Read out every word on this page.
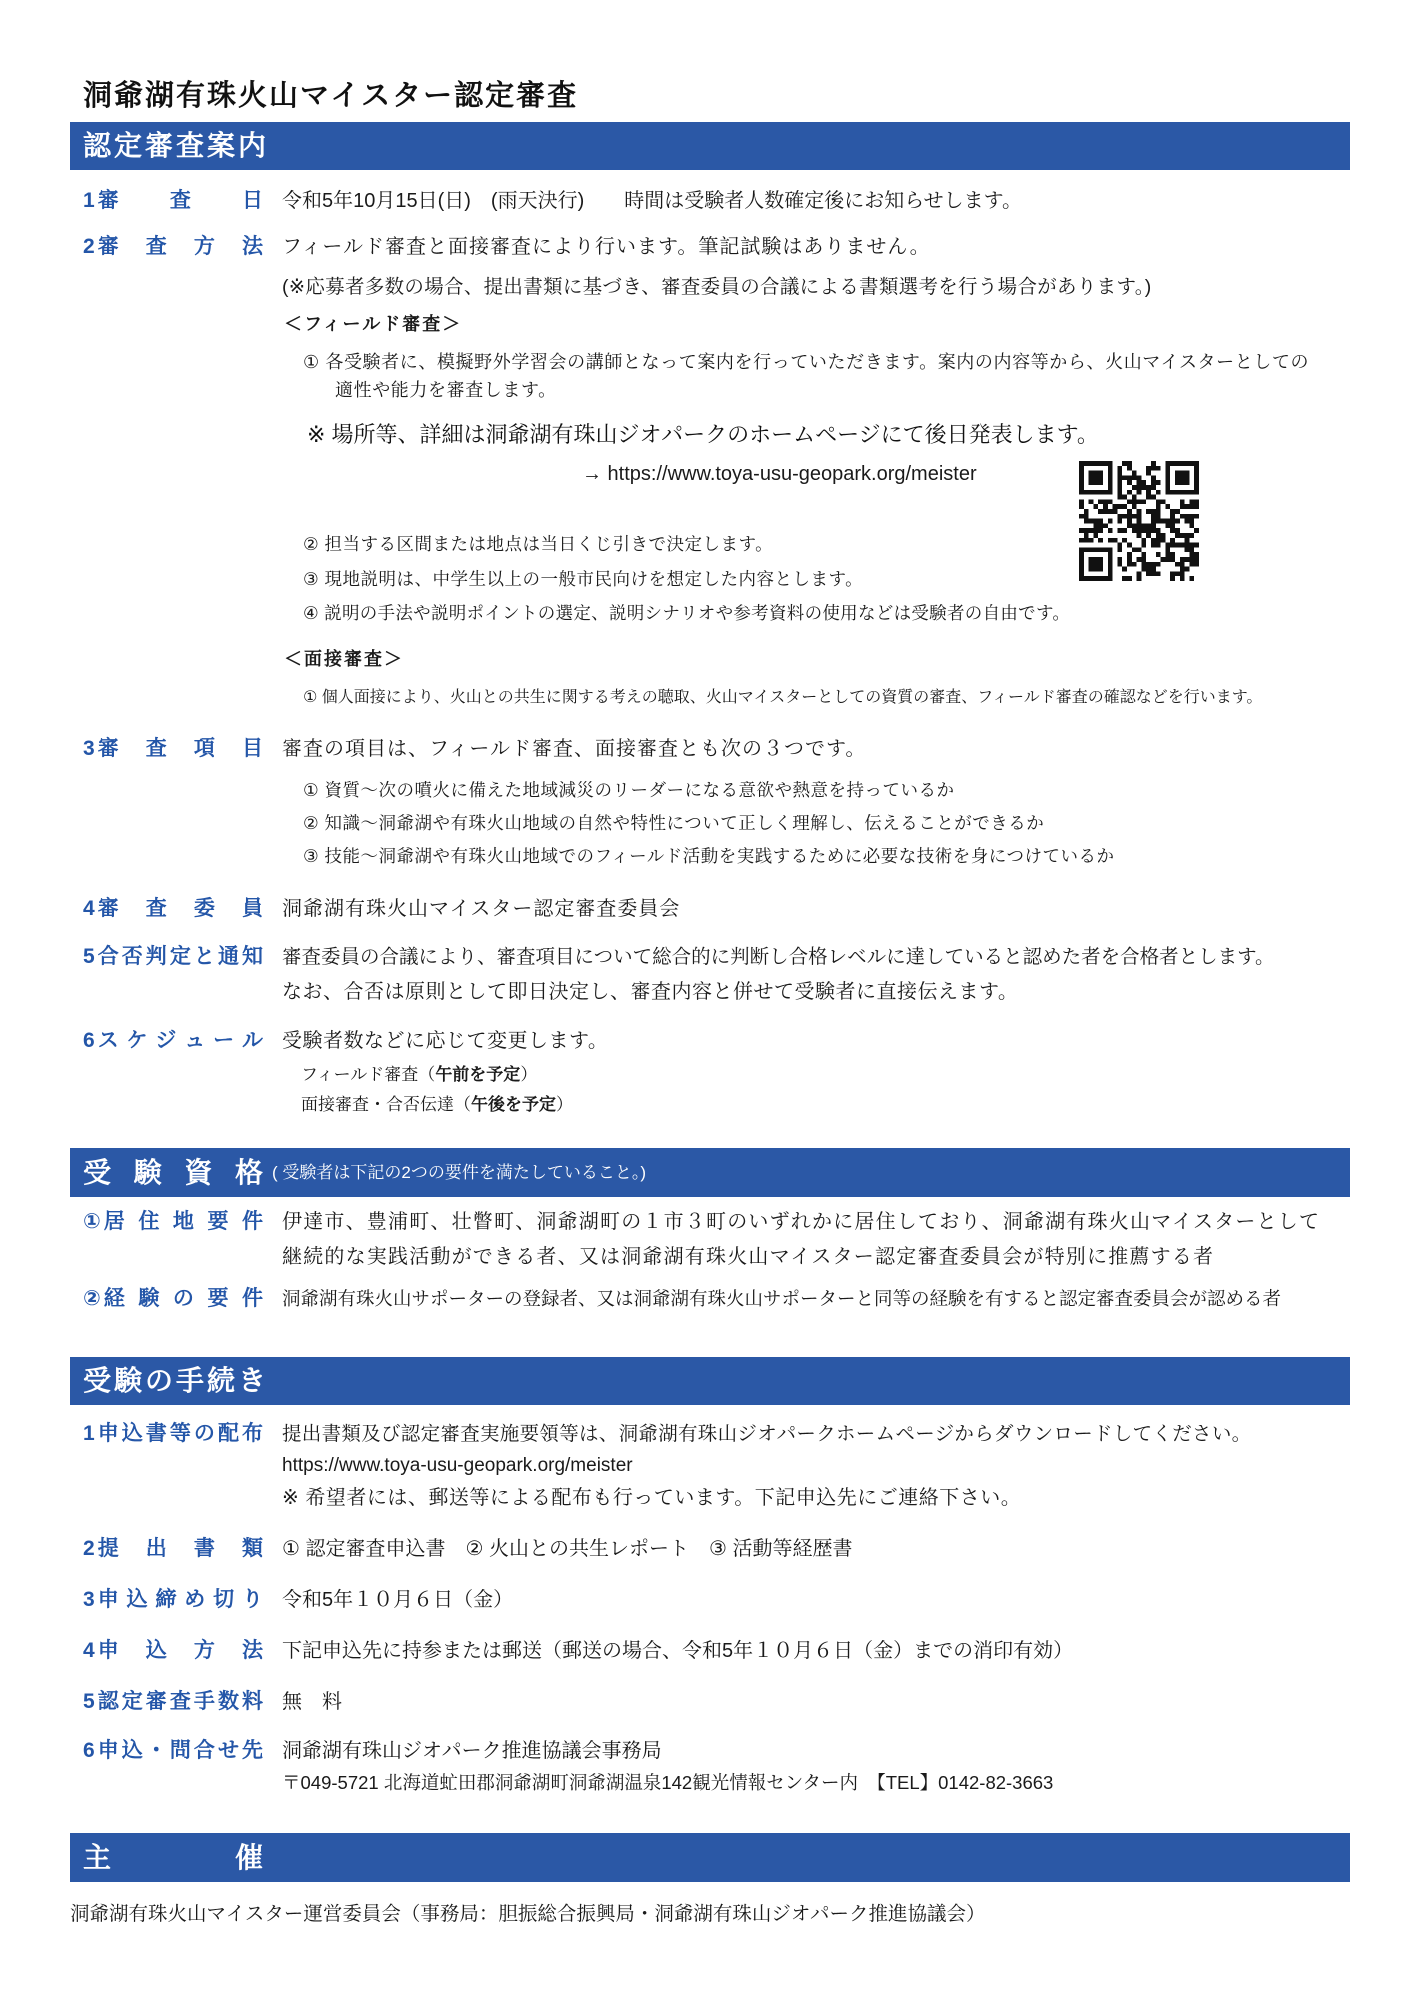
洞爺湖有珠火山マイスター認定審査
認定審査案内
1 審 査 日 令和5年10月15日(日)　(雨天決行)　　時間は受験者人数確定後にお知らせします。
2 審 査 方 法 フィールド審査と面接審査により行います。筆記試験はありません。
(※応募者多数の場合、提出書類に基づき、審査委員の合議による書類選考を行う場合があります。)
＜フィールド審査＞
① 各受験者に、模擬野外学習会の講師となって案内を行っていただきます。案内の内容等から、火山マイスターとしての
適性や能力を審査します。
※ 場所等、詳細は洞爺湖有珠山ジオパークのホームページにて後日発表します。
→ https://www.toya-usu-geopark.org/meister
② 担当する区間または地点は当日くじ引きで決定します。
③ 現地説明は、中学生以上の一般市民向けを想定した内容とします。
④ 説明の手法や説明ポイントの選定、説明シナリオや参考資料の使用などは受験者の自由です。
＜面接審査＞
① 個人面接により、火山との共生に関する考えの聴取、火山マイスターとしての資質の審査、フィールド審査の確認などを行います。
3 審 査 項 目 審査の項目は、フィールド審査、面接審査とも次の３つです。
① 資質〜次の噴火に備えた地域減災のリーダーになる意欲や熱意を持っているか
② 知識〜洞爺湖や有珠火山地域の自然や特性について正しく理解し、伝えることができるか
③ 技能〜洞爺湖や有珠火山地域でのフィールド活動を実践するために必要な技術を身につけているか
4 審 査 委 員 洞爺湖有珠火山マイスター認定審査委員会
5 合否判定と通知 審査委員の合議により、審査項目について総合的に判断し合格レベルに達していると認めた者を合格者とします。
なお、合否は原則として即日決定し、審査内容と併せて受験者に直接伝えます。
6 ス ケ ジ ュ ー ル 受験者数などに応じて変更します。
フィールド審査（午前を予定）
面接審査・合否伝達（午後を予定）
受 験 資 格 ( 受験者は下記の2つの要件を満たしていること。)
① 居 住 地 要 件 伊達市、豊浦町、壮瞥町、洞爺湖町の１市３町のいずれかに居住しており、洞爺湖有珠火山マイスターとして
継続的な実践活動ができる者、又は洞爺湖有珠火山マイスター認定審査委員会が特別に推薦する者
② 経 験 の 要 件 洞爺湖有珠火山サポーターの登録者、又は洞爺湖有珠火山サポーターと同等の経験を有すると認定審査委員会が認める者
受験の手続き
1 申込書等の配布 提出書類及び認定審査実施要領等は、洞爺湖有珠山ジオパークホームページからダウンロードしてください。
https://www.toya-usu-geopark.org/meister
※ 希望者には、郵送等による配布も行っています。下記申込先にご連絡下さい。
2 提 出 書 類 ① 認定審査申込書　② 火山との共生レポート　③ 活動等経歴書
3 申込締め切り 令和5年１０月６日（金）
4 申 込 方 法 下記申込先に持参または郵送（郵送の場合、令和5年１０月６日（金）までの消印有効）
5 認定審査手数料 無　料
6 申込・問合せ先 洞爺湖有珠山ジオパーク推進協議会事務局
〒049-5721 北海道虻田郡洞爺湖町洞爺湖温泉142観光情報センター内　【TEL】0142-82-3663
主 催
洞爺湖有珠火山マイスター運営委員会（事務局：胆振総合振興局・洞爺湖有珠山ジオパーク推進協議会）
